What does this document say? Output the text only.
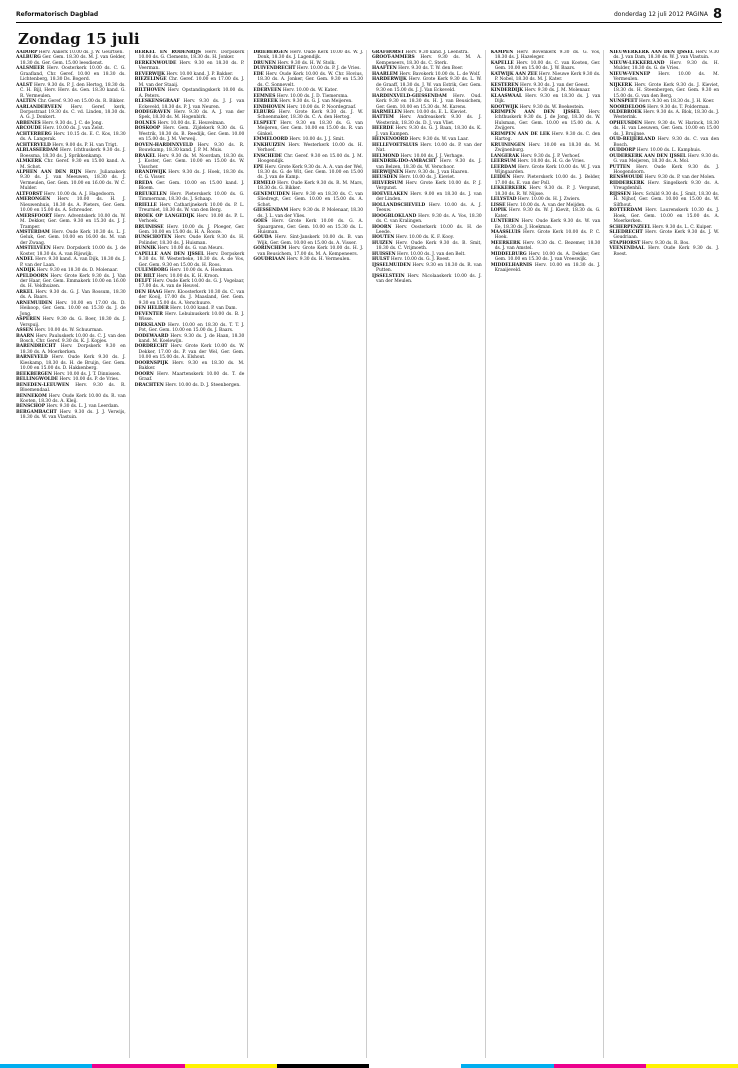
Reformatorisch Dagblad	donderdag 12 juli 2012 PAGINA 8
Zondag 15 juli

AADORP Herv. Aakerk 10.00 ds. J. W. Geurtsen.

AALBURG Ger. Gem. 18.30 ds. M. J. van Gelder, 18.30 ds. Ger. Gem. 15.00 leesdienst.

AALSMEER Herv. Oosterkerk 10.00 ds. C. G. Graafland, Chr. Geref. 10.00 en 18.30 ds. Lichtenberg, 18.30 Ds. Bogerd.

AALST Herv. 9.30 ds. P. J. den Hertog, 18.30 ds. C. H. Bijl, Herv. Herv. ds. Gen. 18.30 kand. G. R. Vermeulen.

AALTEN Chr. Geref. 9.30 en 15.00 ds. R. Bikker.

AARLANDERVEEN Herv. Geref. kerk, Dorpsstraat 19.30 ds. C. vd. Linden, 18.30 ds. A. G. J. Donkert.

ABBENES Herv. 9.30 ds. J. C. de Jong.

ABCOUDE Herv. 10.00 ds. J. van Zelst.

ACHTERBERG Herv. 10.15 ds. E. C. Kos, 18.30 ds. A. Langerak.

ACHTERVELD Herv. 9.00 ds. P. H. van Trigt.

ALBLASSERDAM Herv. Ichthuskerk 9.30 ds. J. Boessma, 18.30 ds. J. Sprikkenkamp.

ALMKERK Chr. Geref. 9.30 en 15.00 kand. A. M. Schot.

ALPHEN AAN DEN RIJN Herv. Julianakerk 9.30 ds. J. van Meeuwen, 18.30 ds. J. Vermeulen, Ger. Gem. 10.00 en 16.00 ds. W. C. Mulder.

ALTFORST Herv. 10.00 ds. A. J. Hagedoorn.

AMERONGEN Herv. 10.00 ds. H. J. Nieuwenhuis, 18.30 ds. A. Pieters, Ger. Gem. 10.00 en 15.00 ds. A. Schreuder.

AMERSFOORT Herv. Adventskerk 10.00 ds. W. M. Dekker, Ger. Gem. 9.30 en 15.30 ds. J. J. Tramper.

AMSTERDAM Herv. Oude Kerk 10.30 ds. L. J. Geluk, Ger. Gem. 10.00 en 16.00 ds. M. van der Zwaag.

AMSTELVEEN Herv. Dorpskerk 10.00 ds. J. de Koster, 18.30 ds. A. van Rijswijk.

ANDEL Herv. 9.30 kand. A. van Dijk, 18.30 ds. J. P. van der Laan.

ANDIJK Herv. 9.30 en 18.30 ds. D. Molenaar.

APELDOORN Herv. Grote Kerk 9.30 ds. J. Van der Haar, Ger. Gem. Emmakerk 10.00 en 16.00 ds. H. Veldhuizen.

ARKEL Herv. 9.30 ds. G. J. Van Rossum, 18.30 ds. A. Baars.

ARNEMUIDEN Herv. 10.00 en 17.00 ds. D. Heikoop, Ger. Gem. 10.00 en 15.30 ds. J. de Jong.

ASPEREN Herv. 9.30 ds. G. Boer, 18.30 ds. J. Verspuij.

ASSEN Herv. 10.00 ds. W. Schuurman.

BAARN Herv. Pauluskerk 10.00 ds. C. J. van den Bosch, Chr. Geref. 9.30 ds. K. J. Kopjes.

BARENDRECHT Herv. Dorpskerk 9.30 en 18.30 ds. A. Moerkerken.

BARNEVELD Herv. Oude Kerk 9.30 ds. J. Kieskamp, 18.30 ds. H. de Bruijn, Ger. Gem. 10.00 en 15.00 ds. D. Hakkenberg.

BEEKBERGEN Herv. 10.00 ds. J. T. Dinnissen.

BELLINGWOLDE Herv. 10.00 ds. P. de Vries.

BENEDEN-LEEUWEN Herv. 9.30 ds. R. Bloemendaal.

BENNEKOM Herv. Oude Kerk 10.00 ds. R. van Kooten, 18.30 ds. A. Kleij.

BENSCHOP Herv. 9.30 ds. L. J. van Leerdam.

BERGAMBACHT Herv. 9.30 ds. J. J. Verwijs, 18.30 ds. W. van Vlastuin.

BERKEL EN RODENRIJS Herv. Dorpskerk 10.00 ds. G. Clements, 18.30 ds. H. Jonker.

BERKENWOUDE Herv. 9.30 en 18.30 ds. P. Veerman.

BEVERWIJK Herv. 10.00 kand. J. P. Bakker.

BIEZELINGE Chr. Geref. 10.00 en 17.00 ds. J. M. van der Staaij.

BILTHOVEN Herv. Opstandingskerk 10.00 ds. A. Peters.

BLESKENSGRAAF Herv. 9.30 ds. J. J. van Eckeveld, 18.30 ds. P. J. van Neuren.

BODEGRAVEN Herv. 9.30 ds. A. J. van der Spek, 18.30 ds. M. Hogenbirk.

BOLNES Herv. 10.00 ds. E. Heuvelman.

BOSKOOP Herv. Gem. Zijdekerk 9.30 ds. G. Westrik, 18.30 ds. B. Reedijk, Ger. Gem. 10.00 en 15.00 ds. J. M. Verweij.

BOVEN-HARDINXVELD Herv. 9.30 ds. R. Bouwkamp, 18.30 kand. J. P. M. Muis.

BRAKEL Herv. 9.30 ds. M. Noordam, 18.30 ds. J. Koster, Ger. Gem. 10.00 en 15.00 ds. W. Visscher.

BRANDWIJK Herv. 9.30 ds. J. Hoek, 18.30 ds. C. G. Visser.

BREDA Ger. Gem. 10.00 en 15.00 kand. J. Bloem.

BREUKELEN Herv. Pieterskerk 10.00 ds. G. Timmerman, 18.30 ds. J. Schaap.

BRIELLE Herv. Catharijnekerk 10.00 ds. P. L. Treurniet, 18.30 ds. W. van den Berg.

BROEK OP LANGEDIJK Herv. 10.00 ds. P. L. Verhoek.

BRUINISSE Herv. 10.00 ds. J. Ploeger, Ger. Gem. 10.00 en 15.00 ds. H. A. Rooze.

BUNSCHOTEN Herv. Oude Kerk 9.30 ds. H. Polinder, 18.30 ds. J. Huisman.

BUNNIK Herv. 10.00 ds. G. van Meurs.

CAPELLE AAN DEN IJSSEL Herv. Dorpskerk 9.30 ds. W. Westerbeke, 18.30 ds. A. de Vos, Ger. Gem. 9.30 en 15.00 ds. H. Roos.

CULEMBORG Herv. 10.00 ds. A. Hoekman.

DE BILT Herv. 10.00 ds. K. H. Kroon.

DELFT Herv. Oude Kerk 10.00 ds. G. J. Vogelaar, 17.00 ds. A. van de Heuvel.

DEN HAAG Herv. Kloosterkerk 10.30 ds. C. van der Kooij, 17.00 ds. J. Maasland, Ger. Gem. 9.30 en 15.00 ds. A. Verschuure.

DEN HELDER Herv. 10.00 kand. P. van Dam.

DEVENTER Herv. Lebuinuskerk 10.00 ds. B. J. Wisse.

DIRKSLAND Herv. 10.00 en 18.30 ds. T. T. J. Pot, Ger. Gem. 10.00 en 15.00 ds. J. Baars.

DODEWAARD Herv. 9.30 ds. J. de Haan, 18.30 kand. M. Koelewijn.

DORDRECHT Herv. Grote Kerk 10.00 ds. W. Dekker, 17.00 ds. P. van der Wel, Ger. Gem. 10.00 en 15.00 ds. A. Elshout.

DOORNSPIJK Herv. 9.30 en 18.30 ds. M. Bakker.

DOORN Herv. Maartenskerk 10.00 ds. T. de Graaf.

DRACHTEN Herv. 10.00 ds. D. J. Steenbergen.

DRIEBERGEN Herv. Oude Kerk 10.00 ds. W. J. Donk, 18.30 ds. J. Lagendijk.

DRUNEN Herv. 9.30 ds. H. W. Stolk.

DUIVENDRECHT Herv. 10.00 ds. P. J. de Vries.

EDE Herv. Oude Kerk 10.00 ds. W. Chr. Hovius, 18.30 ds. A. Jonker, Ger. Gem. 9.30 en 15.30 ds. C. Sonnevelt.

EDERVEEN Herv. 10.00 ds. W. Kater.

EEMNES Herv. 10.00 ds. J. D. Tiemersma.

EERBEEK Herv. 9.30 ds. G. J. van Meijeren.

EINDHOVEN Herv. 10.00 ds. P. Noordegraaf.

ELBURG Herv. Grote Kerk 9.30 ds. J. W. Schoenmaker, 18.30 ds. C. A. den Hertog.

ELSPEET Herv. 9.30 en 18.30 ds. G. van Meijeren, Ger. Gem. 10.00 en 15.00 ds. R. van Ginkel.

EMMELOORD Herv. 10.00 ds. J. J. Smit.

ENKHUIZEN Herv. Westerkerk 10.00 ds. H. Verhoef.

ENSCHEDE Chr. Geref. 9.30 en 15.00 ds. J. M. Hoogendijk.

EPE Herv. Grote Kerk 9.30 ds. A. A. van der Wel, 18.30 ds. G. de Wit, Ger. Gem. 10.00 en 15.00 ds. J. van de Kamp.

ERMELO Herv. Oude Kerk 9.30 ds. R. M. Mars, 18.30 ds. G. Bikker.

GENEMUIDEN Herv. 9.30 en 18.30 ds. C. van Sliedregt, Ger. Gem. 10.00 en 15.00 ds. A. Schot.

GIESSENDAM Herv. 9.30 ds. P. Molenaar, 18.30 ds. J. L. van der Vlies.

GOES Herv. Grote Kerk 10.00 ds. G. A. Spaargaren, Ger. Gem. 10.00 en 15.30 ds. L. Huisman.

GOUDA Herv. Sint-Janskerk 10.00 ds. B. van Wijk, Ger. Gem. 10.00 en 15.00 ds. A. Visser.

GORINCHEM Herv. Grote Kerk 10.00 ds. H. J. van Beusichem, 17.00 ds. M. A. Kempeneers.

GOUDRIAAN Herv. 9.30 ds. H. Vermeulen.

GRAFHORST Herv. 9.30 kand. J. Leenstra.

GROOT-AMMERS Herv. 9.30 ds. M. A. Kempeneers, 18.30 ds. C. Sterk.

HAAFTEN Herv. 9.30 ds. T. W. den Boer.

HAARLEM Herv. Bavokerk 10.00 ds. L. de Wolf.

HARDERWIJK Herv. Grote Kerk 9.30 ds. L. W. de Graaff, 18.30 ds. J. W. van Estrik, Ger. Gem. 9.30 en 15.00 ds. J. J. Van Eckeveld.

HARDINXVELD-GIESSENDAM Herv. Oud. Kerk 9.30 en 18.30 ds. H. J. van Beusichem, Ger. Gem. 10.00 en 15.30 ds. M. Karens.

HARMELEN Herv. 10.00 ds. E. L. Kieviet.

HATTEM Herv. Andreaskerk 9.30 ds. J. Westerink, 18.30 ds. D. J. van Vliet.

HEERDE Herv. 9.30 ds. G. J. Baan, 18.30 ds. K. J. van Kampen.

HEINENOORD Herv. 9.30 ds. W. van Laar.

HELLEVOETSLUIS Herv. 10.00 ds. P. van der Nat.

HELMOND Herv. 10.00 ds. J. J. Verhage.

HENDRIK-IDO-AMBACHT Herv. 9.30 ds. J. van Belzen, 18.30 ds. W. Verschoor.

HERWIJNEN Herv. 9.30 ds. J. van Haaren.

HEUSDEN Herv. 10.00 ds. J. Kieviet.

HILVERSUM Herv. Grote Kerk 10.00 ds. P. J. Vergunst.

HOEVELAKEN Herv. 9.00 en 18.30 ds. J. van der Linden.

HOLLANDSCHEVELD Herv. 10.00 ds. A. J. Teeuw.

HOOGBLOKLAND Herv. 9.30 ds. A. Vos, 18.30 ds. C. van Kralingen.

HOORN Herv. Oosterkerk 10.00 ds. H. de Leede.

HOUTEN Herv. 10.00 ds. K. F. Kooy.

HUIZEN Herv. Oude Kerk 9.30 ds. B. Smit, 18.30 ds. C. Vrijmoeth.

HUISSEN Herv. 10.00 ds. J. van den Belt.

HULST Herv. 10.00 ds. G. J. Roest.

IJSSELMUIDEN Herv. 9.30 en 18.30 ds. R. van Putten.

IJSSELSTEIN Herv. Nicolaaskerk 10.00 ds. J. van der Meulen.

KAMPEN Herv. Bovenkerk 9.30 ds. G. Vos, 18.30 ds. J. Hazeleger.

KAPELLE Herv. 10.00 ds. C. van Kooten, Ger. Gem. 10.00 en 15.00 ds. J. W. Baars.

KATWIJK AAN ZEE Herv. Nieuwe Kerk 9.30 ds. P. Nobel, 18.30 ds. M. J. Kater.

KESTEREN Herv. 9.30 ds. J. van der Geest.

KINDERDIJK Herv. 9.30 ds. J. M. Molenaar.

KLAASWAAL Herv. 9.30 en 18.30 ds. J. van Dijk.

KOOTWIJK Herv. 9.30 ds. W. Boekestein.

KRIMPEN AAN DEN IJSSEL Herv. Ichthuskerk 9.30 ds. J. de Jong, 18.30 ds. W. Hulsman, Ger. Gem. 10.00 en 15.00 ds. A. Zwijgers.

KRIMPEN AAN DE LEK Herv. 9.30 ds. C. den Hartog.

KRUININGEN Herv. 10.00 en 18.30 ds. M. Zwijnenburg.

LANGERAK Herv. 9.30 ds. J. P. Verhoef.

LEERSUM Herv. 10.00 ds. H. G. de Vries.

LEERDAM Herv. Grote Kerk 10.00 ds. W. J. van Wijngaarden.

LEIDEN Herv. Pieterskerk 10.00 ds. J. Belder, 17.00 ds. E. van der Poll.

LEKKERKERK Herv. 9.30 ds. P. J. Vergunst, 18.30 ds. R. W. Nijsse.

LELYSTAD Herv. 10.00 ds. H. J. Zwiers.

LISSE Herv. 10.00 ds. A. van der Meijden.

LOPIK Herv. 9.30 ds. W. J. Kievit, 18.30 ds. G. Kater.

LUNTEREN Herv. Oude Kerk 9.30 ds. W. van Ee, 18.30 ds. J. Hoekman.

MAASSLUIS Herv. Grote Kerk 10.00 ds. P. C. Hoek.

MEERKERK Herv. 9.30 ds. C. Bezemer, 18.30 ds. J. van Amstel.

MIDDELBURG Herv. 10.00 ds. A. Dekker, Ger. Gem. 10.00 en 15.30 ds. J. van Vreeswijk.

MIDDELHARNIS Herv. 10.00 en 18.30 ds. J. Kraaijeveld.

NIEUWERKERK AAN DEN IJSSEL Herv. 9.30 ds. J. van Dam, 18.30 ds. W. J. van Vlastuin.

NIEUW-LEKKERLAND Herv. 9.30 ds. H. Mulder, 18.30 ds. G. de Vries.

NIEUW-VENNEP Herv. 10.00 ds. M. Vermeulen.

NIJKERK Herv. Grote Kerk 9.30 ds. J. Kieviet, 18.30 ds. H. Steenbergen, Ger. Gem. 9.30 en 15.00 ds. G. van den Berg.

NUNSPEET Herv. 9.30 en 18.30 ds. J. H. Koer.

NOORDELOOS Herv. 9.30 ds. T. Polderman.

OLDEBROEK Herv. 9.30 ds. A. Blok, 18.30 ds. J. Westerink.

OPHEUSDEN Herv. 9.30 ds. W. Harinck, 18.30 ds. H. van Leeuwen, Ger. Gem. 10.00 en 15.00 ds. J. Bruijnse.

OUD-BEIJERLAND Herv. 9.30 ds. C. van den Bosch.

OUDDORP Herv. 10.00 ds. L. Kamphuis.

OUDERKERK AAN DEN IJSSEL Herv. 9.30 ds. G. van Meijeren, 18.30 ds. A. Mol.

PUTTEN Herv. Oude Kerk 9.30 ds. J. Hoogendoorn.

RENSWOUDE Herv. 9.30 ds. P. van der Molen.

RIDDERKERK Herv. Singelkerk 9.30 ds. A. Vreugdenhil.

RIJSSEN Herv. Schild 9.30 ds. J. Smit, 18.30 ds. H. Nijhof, Ger. Gem. 10.00 en 15.00 ds. W. Silfhout.

ROTTERDAM Herv. Laurenskerk 10.30 ds. J. Hoek, Ger. Gem. 10.00 en 15.00 ds. A. Moerkerken.

SCHERPENZEEL Herv. 9.30 ds. L. C. Kuiper.

SLIEDRECHT Herv. Grote Kerk 9.30 ds. J. W. Goudriaan.

STAPHORST Herv. 9.30 ds. R. Bos.

VEENENDAAL Herv. Oude Kerk 9.30 ds. J. Roest.
